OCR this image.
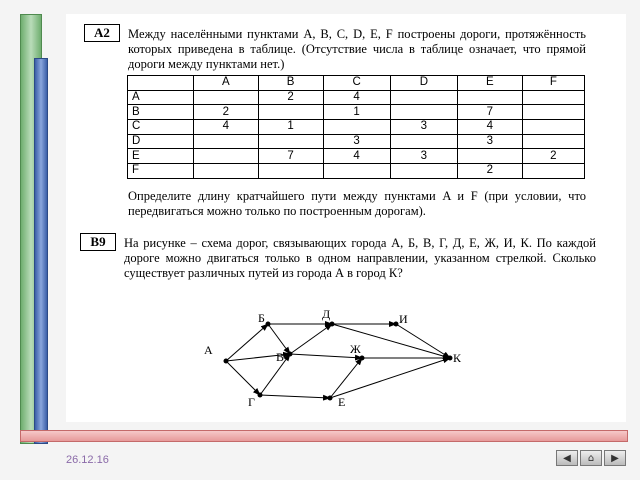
А2	Между населёнными пунктами A, B, C, D, E, F построены дороги, протяжённость которых приведена в таблице. (Отсутствие числа в таблице означает, что прямой дороги между пунктами нет.)
	A	B	C	D	E	F
A		2	4			
B	2		1		7	
C	4	1		3	4	
D			3		3	
E		7	4	3		2
F					2	
Определите длину кратчайшего пути между пунктами A и F (при условии, что передвигаться можно только по построенным дорогам).
В9	На рисунке – схема дорог, связывающих города А, Б, В, Г, Д, Е, Ж, И, К. По каждой дороге можно двигаться только в одном направлении, указанном стрелкой. Сколько существует различных путей из города А в город К?
А
Б
В
Г
Д
Ж
И
Е
К
26.12.16	◀ ⌂ ▶
